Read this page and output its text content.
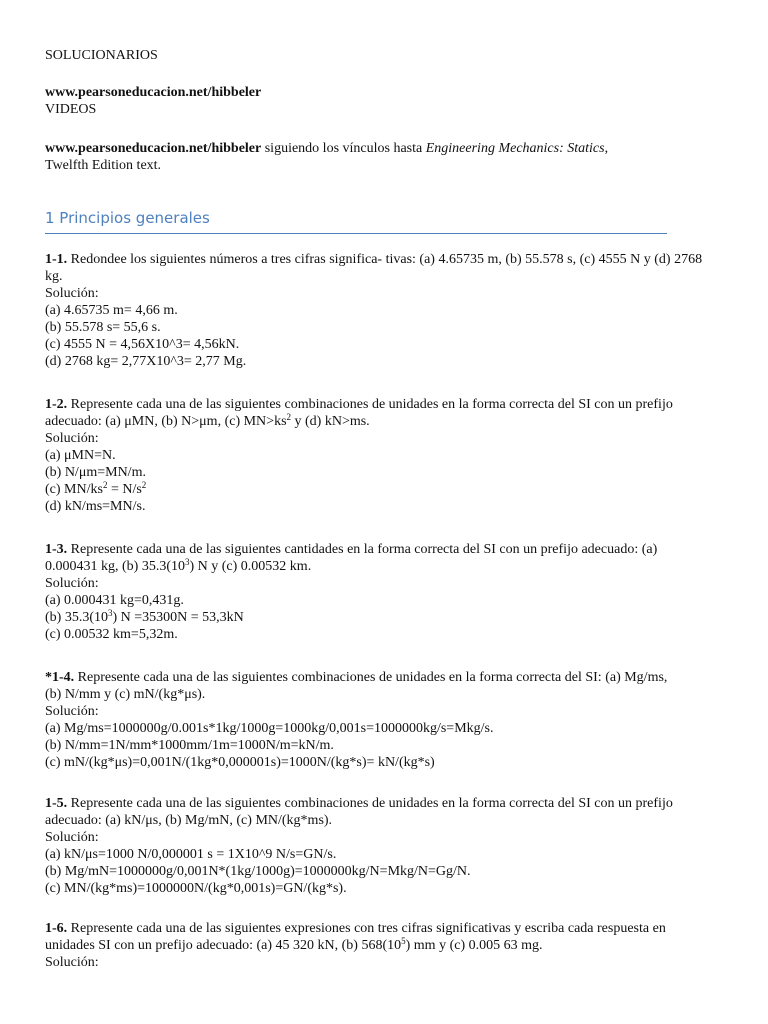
SOLUCIONARIOS
www.pearsoneducacion.net/hibbeler
VIDEOS
www.pearsoneducacion.net/hibbeler siguiendo los vínculos hasta Engineering Mechanics: Statics,
Twelfth Edition text.
1 Principios generales
1-1. Redondee los siguientes números a tres cifras significa- tivas: (a) 4.65735 m, (b) 55.578 s, (c) 4555 N y (d) 2768 kg.
Solución:
(a) 4.65735 m= 4,66 m.
(b) 55.578 s= 55,6 s.
(c) 4555 N = 4,56X10^3= 4,56kN.
(d) 2768 kg= 2,77X10^3= 2,77 Mg.
1-2. Represente cada una de las siguientes combinaciones de unidades en la forma correcta del SI con un prefijo
adecuado: (a) μMN, (b) N>μm, (c) $MN>ks^2$ y (d) kN>ms.
Solución:
(a) μMN=N.
(b) N/μm=MN/m.
(c) $MN/ks^2 = N/s^2$
(d) kN/ms=MN/s.
1-3. Represente cada una de las siguientes cantidades en la forma correcta del SI con un prefijo adecuado: (a)
0.000431 kg, (b) $35.3(10^3)$ N y (c) 0.00532 km.
Solución:
(a) 0.000431 kg=0,431g.
(b) $35.3(10^3)$ N =35300N = 53,3kN
(c) 0.00532 km=5,32m.
*1-4. Represente cada una de las siguientes combinaciones de unidades en la forma correcta del SI: (a) Mg/ms,
(b) N/mm y (c) mN/(kg*μs).
Solución:
(a) Mg/ms=1000000g/0.001s*1kg/1000g=1000kg/0,001s=1000000kg/s=Mkg/s.
(b) N/mm=1N/mm*1000mm/1m=1000N/m=kN/m.
(c) mN/(kg*μs)=0,001N/(1kg*0,000001s)=1000N/(kg*s)= kN/(kg*s)
1-5. Represente cada una de las siguientes combinaciones de unidades en la forma correcta del SI con un prefijo
adecuado: (a) kN/μs, (b) Mg/mN, (c) MN/(kg*ms).
Solución:
(a) kN/μs=1000 N/0,000001 s = 1X10^9 N/s=GN/s.
(b) Mg/mN=1000000g/0,001N*(1kg/1000g)=1000000kg/N=Mkg/N=Gg/N.
(c) MN/(kg*ms)=1000000N/(kg*0,001s)=GN/(kg*s).
1-6. Represente cada una de las siguientes expresiones con tres cifras significativas y escriba cada respuesta en
unidades SI con un prefijo adecuado: (a) 45 320 kN, (b) $568(10^5)$ mm y (c) 0.005 63 mg.
Solución:
